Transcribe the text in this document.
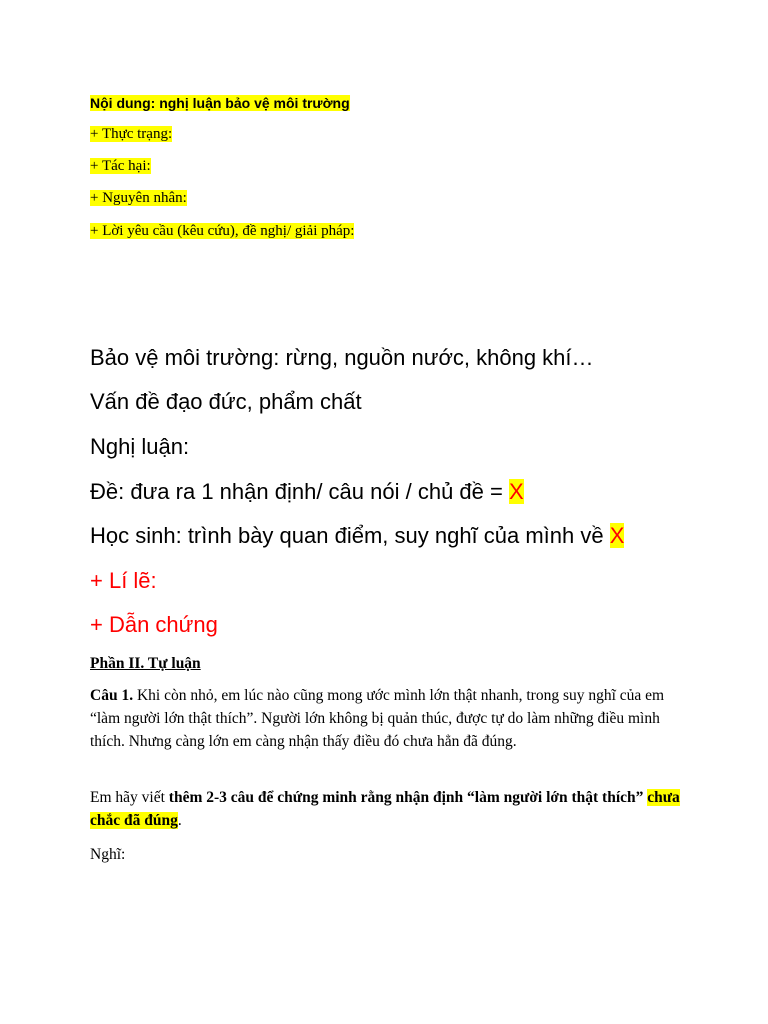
Nội dung: nghị luận bảo vệ môi trường
+ Thực trạng:
+ Tác hại:
+ Nguyên nhân:
+ Lời yêu cầu (kêu cứu), đề nghị/ giải pháp:
Bảo vệ môi trường: rừng, nguồn nước, không khí…
Vấn đề đạo đức, phẩm chất
Nghị luận:
Đề: đưa ra 1 nhận định/ câu nói / chủ đề = X
Học sinh: trình bày quan điểm, suy nghĩ của mình về X
+ Lí lẽ:
+ Dẫn chứng
Phần II. Tự luận
Câu 1. Khi còn nhỏ, em lúc nào cũng mong ước mình lớn thật nhanh, trong suy nghĩ của em “làm người lớn thật thích”. Người lớn không bị quản thúc, được tự do làm những điều mình thích. Nhưng càng lớn em càng nhận thấy điều đó chưa hẳn đã đúng.
Em hãy viết thêm 2-3 câu để chứng minh rằng nhận định “làm người lớn thật thích” chưa chắc đã đúng.
Nghĩ:
